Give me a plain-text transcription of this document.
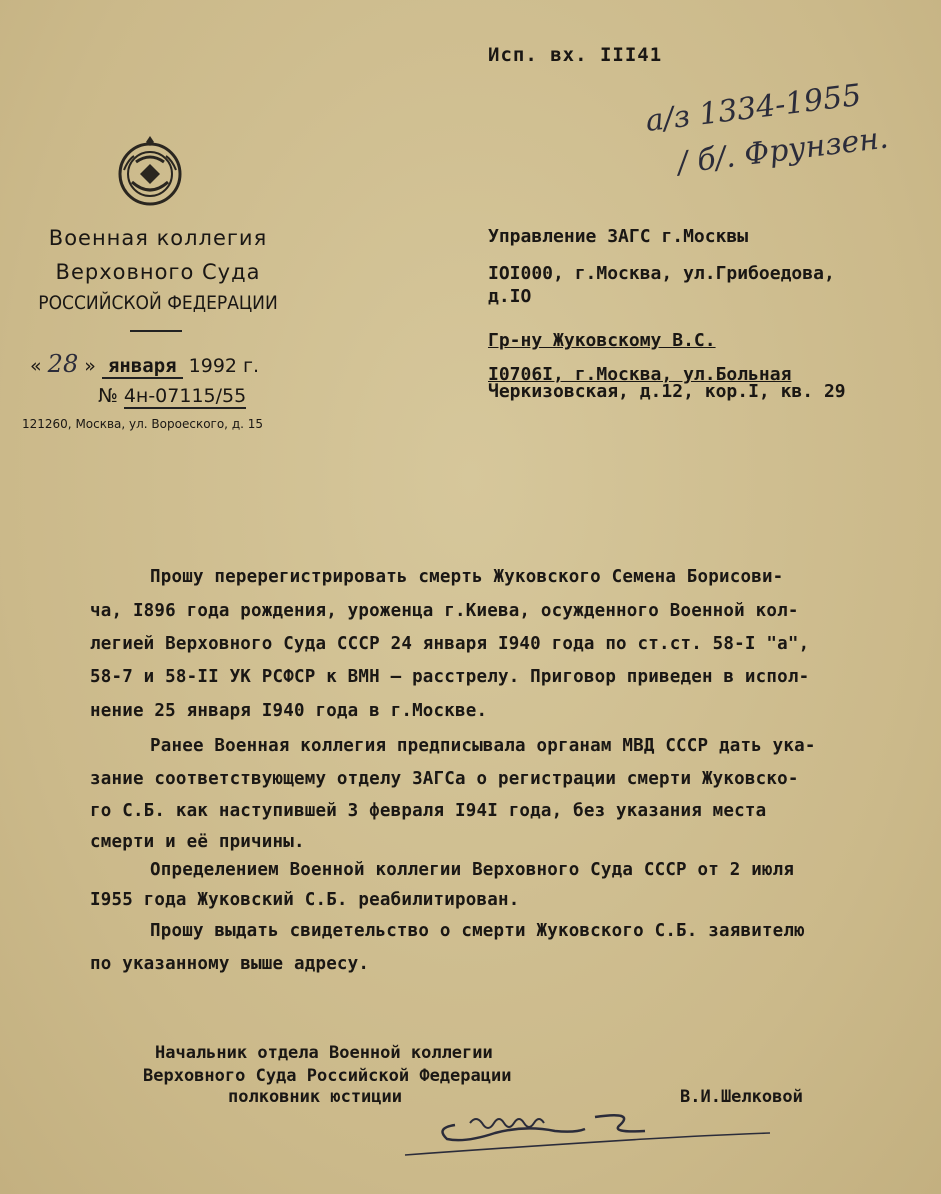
Исп. вх. III41
а/з 1334-1955
/ б/. Фрунзен.
Военная коллегия
Верховного Суда
РОССИЙСКОЙ ФЕДЕРАЦИИ
« 28 » января 1992 г.
№ 4н-07115/55
121260, Москва, ул. Вороеского, д. 15
Управление ЗАГС г.Москвы
IOI000, г.Москва, ул.Грибоедова,
д.IO
Гр-ну Жуковскому В.С.
I0706I, г.Москва, ул.Больная
Черкизовская, д.12, кор.I, кв. 29
Прошу перерегистрировать смерть Жуковского Семена Борисови-
ча, I896 года рождения, уроженца г.Киева, осужденного Военной кол-
легией Верховного Суда СССР 24 января I940 года по ст.ст. 58-I "а",
58-7 и 58-II УК РСФСР к ВМН – расстрелу. Приговор приведен в испол-
нение 25 января I940 года в г.Москве.
Ранее Военная коллегия предписывала органам МВД СССР дать ука-
зание соответствующему отделу ЗАГСа о регистрации смерти Жуковско-
го С.Б. как наступившей 3 февраля I94I года, без указания места
смерти и её причины.
Определением Военной коллегии Верховного Суда СССР от 2 июля
I955 года Жуковский С.Б. реабилитирован.
Прошу выдать свидетельство о смерти Жуковского С.Б. заявителю
по указанному выше адресу.
Начальник отдела Военной коллегии
Верховного Суда Российской Федерации
полковник юстиции	В.И.Шелковой
